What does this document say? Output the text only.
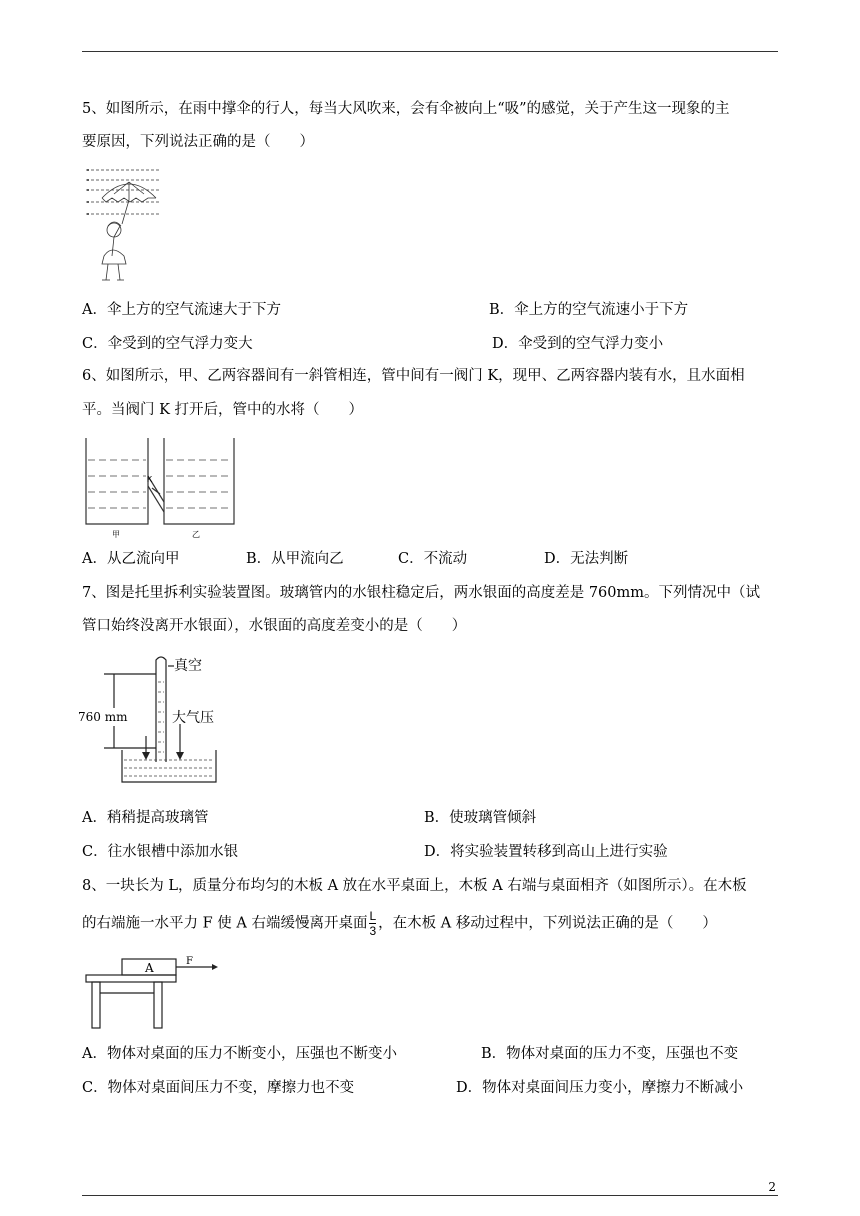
5、如图所示，在雨中撑伞的行人，每当大风吹来，会有伞被向上“吸”的感觉，关于产生这一现象的主
要原因，下列说法正确的是（　　）
A．伞上方的空气流速大于下方	B．伞上方的空气流速小于下方
C．伞受到的空气浮力变大	D．伞受到的空气浮力变小
6、如图所示，甲、乙两容器间有一斜管相连，管中间有一阀门 K，现甲、乙两容器内装有水，且水面相
平。当阀门 K 打开后，管中的水将（　　）
K
甲	乙
A．从乙流向甲	B．从甲流向乙	C．不流动	D．无法判断
7、图是托里拆利实验装置图。玻璃管内的水银柱稳定后，两水银面的高度差是 760mm。下列情况中（试
管口始终没离开水银面），水银面的高度差变小的是（　　）
真空
大气压
760 mm
A．稍稍提高玻璃管	B．使玻璃管倾斜
C．往水银槽中添加水银	D．将实验装置转移到高山上进行实验
8、一块长为 L，质量分布均匀的木板 A 放在水平桌面上，木板 A 右端与桌面相齐（如图所示）。在木板
的右端施一水平力 F 使 A 右端缓慢离开桌面 $\frac{L}{3}$ ，在木板 A 移动过程中，下列说法正确的是（　　）
A	F
A．物体对桌面的压力不断变小，压强也不断变小	B．物体对桌面的压力不变，压强也不变
C．物体对桌面间压力不变，摩擦力也不变	D．物体对桌面间压力变小，摩擦力不断减小
2
